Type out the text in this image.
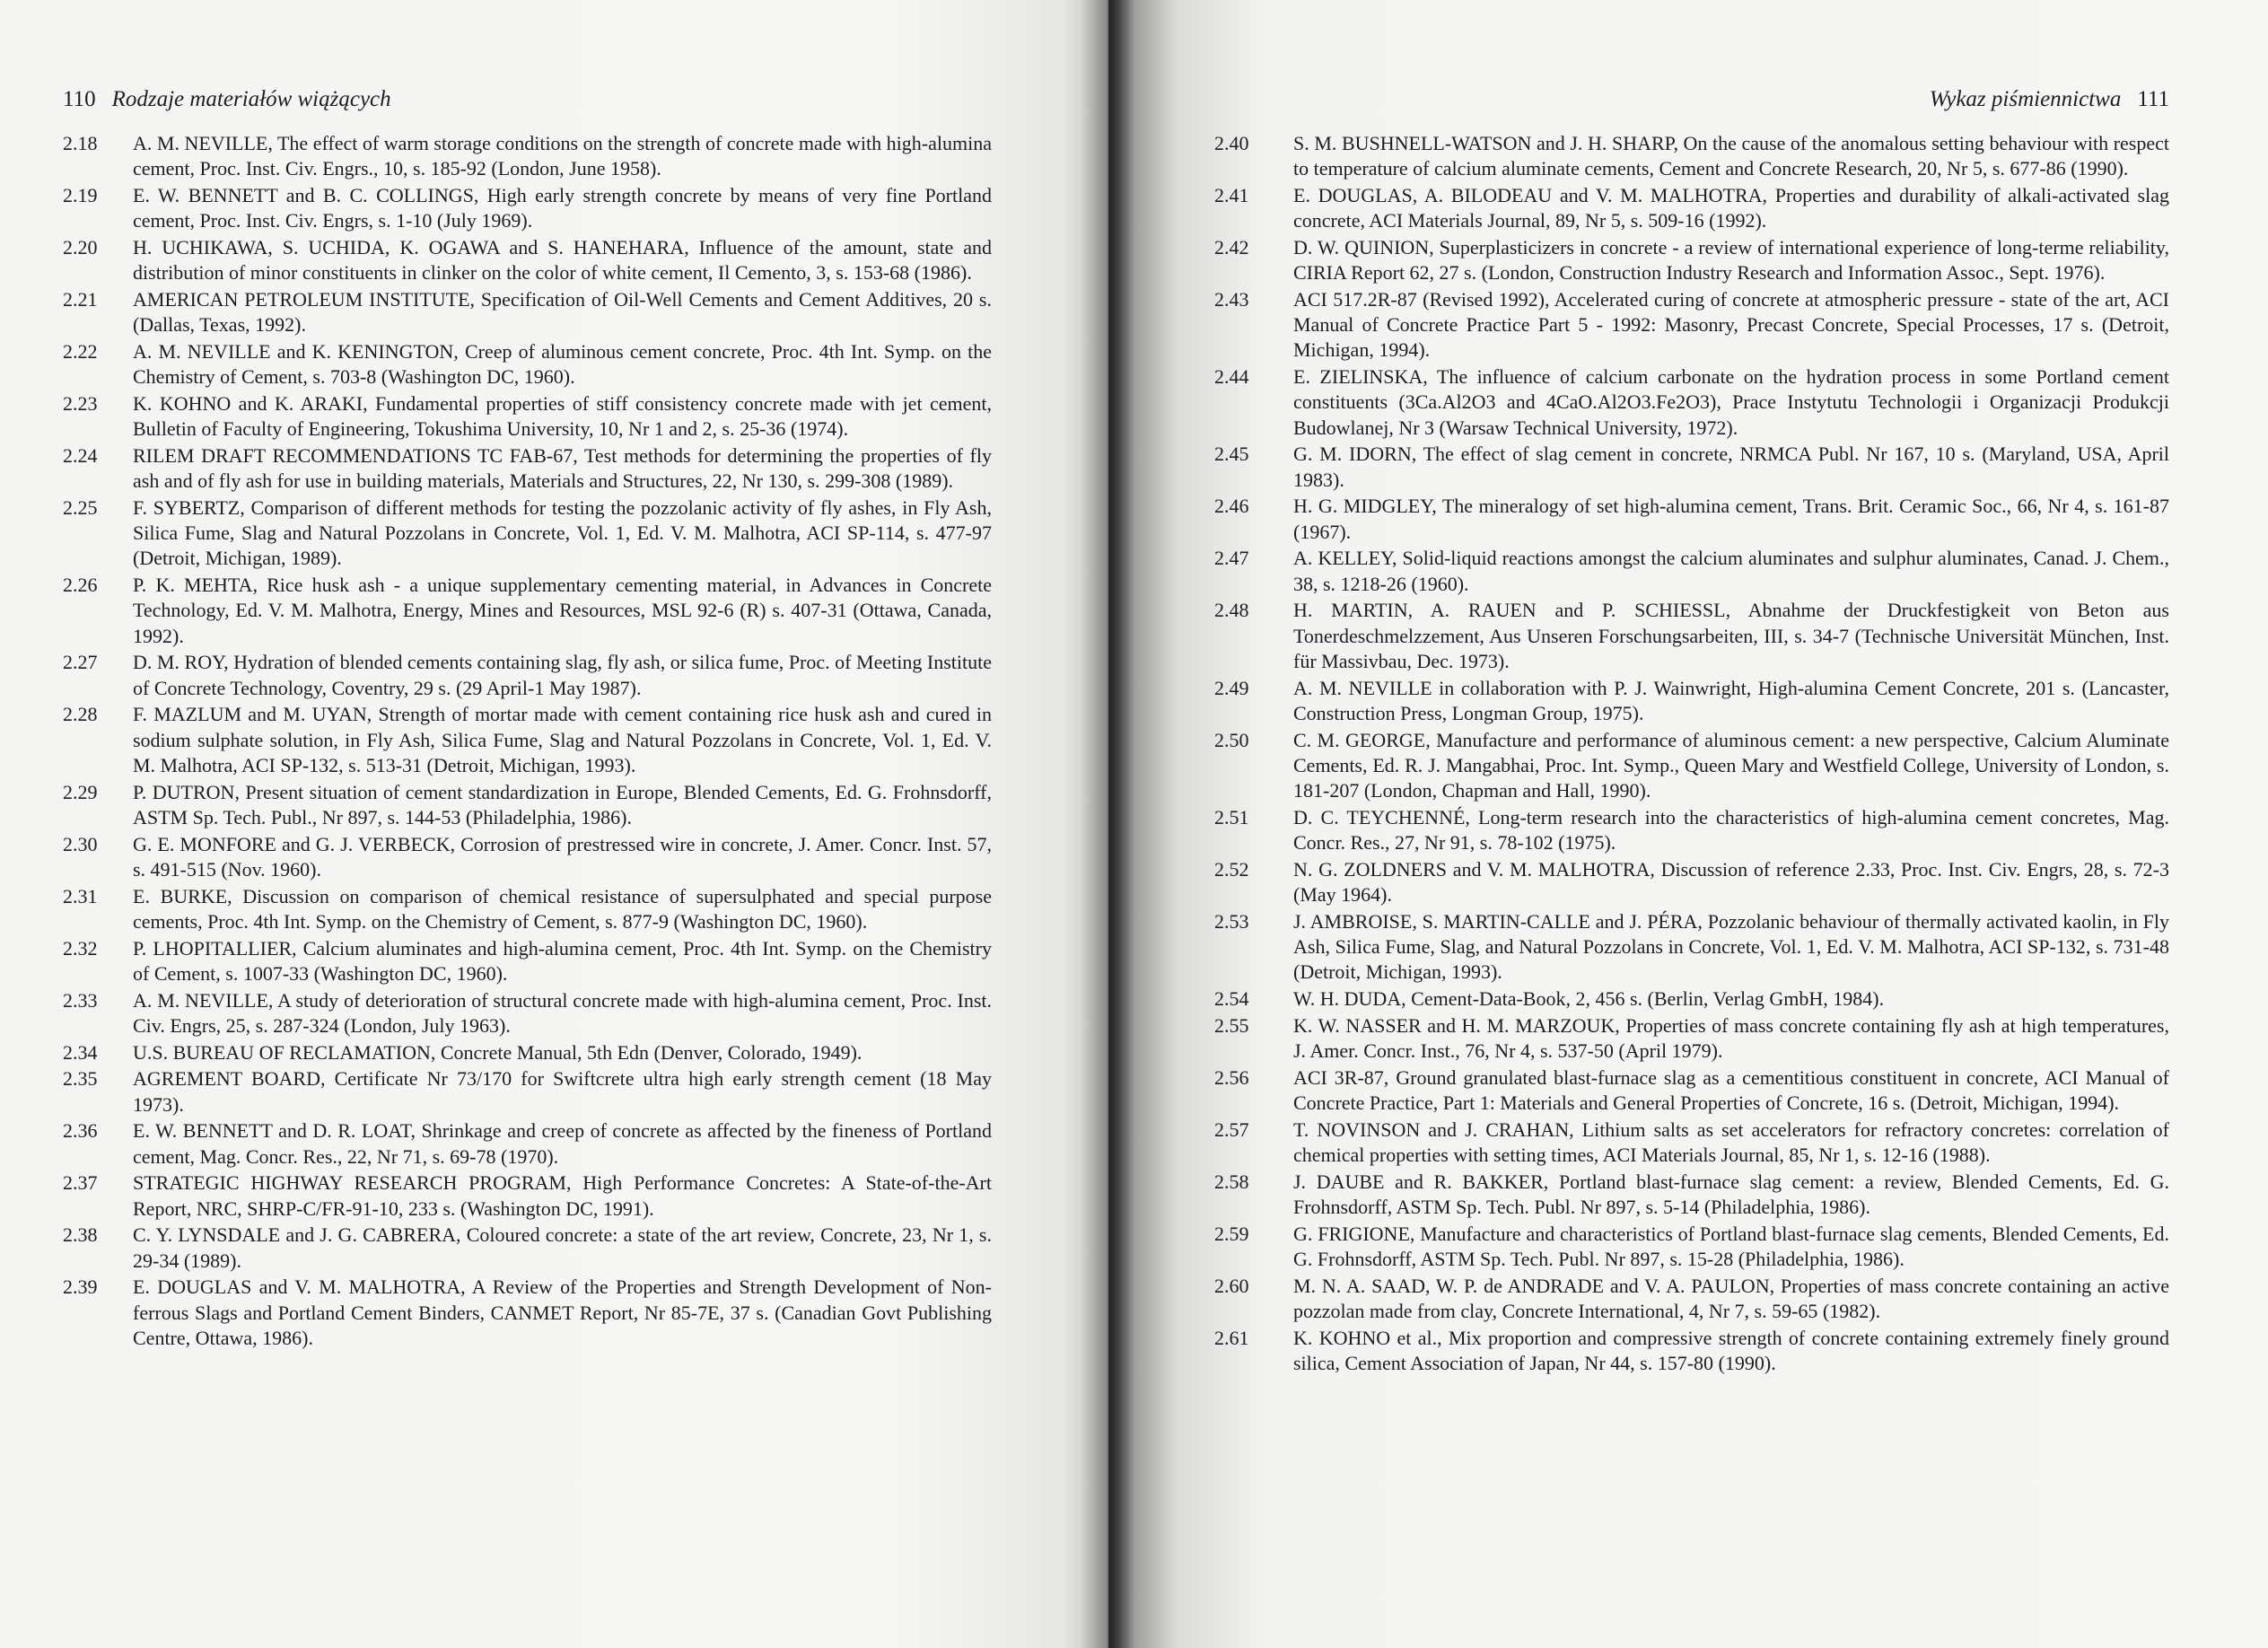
110 Rodzaje materiałów wiążących
2.18	A. M. NEVILLE, The effect of warm storage conditions on the strength of concrete made with high-alumina cement, Proc. Inst. Civ. Engrs., 10, s. 185-92 (London, June 1958).
2.19	E. W. BENNETT and B. C. COLLINGS, High early strength concrete by means of very fine Portland cement, Proc. Inst. Civ. Engrs, s. 1-10 (July 1969).
2.20	H. UCHIKAWA, S. UCHIDA, K. OGAWA and S. HANEHARA, Influence of the amount, state and distribution of minor constituents in clinker on the color of white cement, Il Cemento, 3, s. 153-68 (1986).
2.21	AMERICAN PETROLEUM INSTITUTE, Specification of Oil-Well Cements and Cement Additives, 20 s. (Dallas, Texas, 1992).
2.22	A. M. NEVILLE and K. KENINGTON, Creep of aluminous cement concrete, Proc. 4th Int. Symp. on the Chemistry of Cement, s. 703-8 (Washington DC, 1960).
2.23	K. KOHNO and K. ARAKI, Fundamental properties of stiff consistency concrete made with jet cement, Bulletin of Faculty of Engineering, Tokushima University, 10, Nr 1 and 2, s. 25-36 (1974).
2.24	RILEM DRAFT RECOMMENDATIONS TC FAB-67, Test methods for determining the properties of fly ash and of fly ash for use in building materials, Materials and Structures, 22, Nr 130, s. 299-308 (1989).
2.25	F. SYBERTZ, Comparison of different methods for testing the pozzolanic activity of fly ashes, in Fly Ash, Silica Fume, Slag and Natural Pozzolans in Concrete, Vol. 1, Ed. V. M. Malhotra, ACI SP-114, s. 477-97 (Detroit, Michigan, 1989).
2.26	P. K. MEHTA, Rice husk ash - a unique supplementary cementing material, in Advances in Concrete Technology, Ed. V. M. Malhotra, Energy, Mines and Resources, MSL 92-6 (R) s. 407-31 (Ottawa, Canada, 1992).
2.27	D. M. ROY, Hydration of blended cements containing slag, fly ash, or silica fume, Proc. of Meeting Institute of Concrete Technology, Coventry, 29 s. (29 April-1 May 1987).
2.28	F. MAZLUM and M. UYAN, Strength of mortar made with cement containing rice husk ash and cured in sodium sulphate solution, in Fly Ash, Silica Fume, Slag and Natural Pozzolans in Concrete, Vol. 1, Ed. V. M. Malhotra, ACI SP-132, s. 513-31 (Detroit, Michigan, 1993).
2.29	P. DUTRON, Present situation of cement standardization in Europe, Blended Cements, Ed. G. Frohnsdorff, ASTM Sp. Tech. Publ., Nr 897, s. 144-53 (Philadelphia, 1986).
2.30	G. E. MONFORE and G. J. VERBECK, Corrosion of prestressed wire in concrete, J. Amer. Concr. Inst. 57, s. 491-515 (Nov. 1960).
2.31	E. BURKE, Discussion on comparison of chemical resistance of supersulphated and special purpose cements, Proc. 4th Int. Symp. on the Chemistry of Cement, s. 877-9 (Washington DC, 1960).
2.32	P. LHOPITALLIER, Calcium aluminates and high-alumina cement, Proc. 4th Int. Symp. on the Chemistry of Cement, s. 1007-33 (Washington DC, 1960).
2.33	A. M. NEVILLE, A study of deterioration of structural concrete made with high-alumina cement, Proc. Inst. Civ. Engrs, 25, s. 287-324 (London, July 1963).
2.34	U.S. BUREAU OF RECLAMATION, Concrete Manual, 5th Edn (Denver, Colorado, 1949).
2.35	AGREMENT BOARD, Certificate Nr 73/170 for Swiftcrete ultra high early strength cement (18 May 1973).
2.36	E. W. BENNETT and D. R. LOAT, Shrinkage and creep of concrete as affected by the fineness of Portland cement, Mag. Concr. Res., 22, Nr 71, s. 69-78 (1970).
2.37	STRATEGIC HIGHWAY RESEARCH PROGRAM, High Performance Concretes: A State-of-the-Art Report, NRC, SHRP-C/FR-91-10, 233 s. (Washington DC, 1991).
2.38	C. Y. LYNSDALE and J. G. CABRERA, Coloured concrete: a state of the art review, Concrete, 23, Nr 1, s. 29-34 (1989).
2.39	E. DOUGLAS and V. M. MALHOTRA, A Review of the Properties and Strength Development of Non-ferrous Slags and Portland Cement Binders, CANMET Report, Nr 85-7E, 37 s. (Canadian Govt Publishing Centre, Ottawa, 1986).
Wykaz piśmiennictwa 111
2.40	S. M. BUSHNELL-WATSON and J. H. SHARP, On the cause of the anomalous setting behaviour with respect to temperature of calcium aluminate cements, Cement and Concrete Research, 20, Nr 5, s. 677-86 (1990).
2.41	E. DOUGLAS, A. BILODEAU and V. M. MALHOTRA, Properties and durability of alkali-activated slag concrete, ACI Materials Journal, 89, Nr 5, s. 509-16 (1992).
2.42	D. W. QUINION, Superplasticizers in concrete - a review of international experience of long-terme reliability, CIRIA Report 62, 27 s. (London, Construction Industry Research and Information Assoc., Sept. 1976).
2.43	ACI 517.2R-87 (Revised 1992), Accelerated curing of concrete at atmospheric pressure - state of the art, ACI Manual of Concrete Practice Part 5 - 1992: Masonry, Precast Concrete, Special Processes, 17 s. (Detroit, Michigan, 1994).
2.44	E. ZIELINSKA, The influence of calcium carbonate on the hydration process in some Portland cement constituents (3Ca.Al2O3 and 4CaO.Al2O3.Fe2O3), Prace Instytutu Technologii i Organizacji Produkcji Budowlanej, Nr 3 (Warsaw Technical University, 1972).
2.45	G. M. IDORN, The effect of slag cement in concrete, NRMCA Publ. Nr 167, 10 s. (Maryland, USA, April 1983).
2.46	H. G. MIDGLEY, The mineralogy of set high-alumina cement, Trans. Brit. Ceramic Soc., 66, Nr 4, s. 161-87 (1967).
2.47	A. KELLEY, Solid-liquid reactions amongst the calcium aluminates and sulphur aluminates, Canad. J. Chem., 38, s. 1218-26 (1960).
2.48	H. MARTIN, A. RAUEN and P. SCHIESSL, Abnahme der Druckfestigkeit von Beton aus Tonerdeschmelzzement, Aus Unseren Forschungsarbeiten, III, s. 34-7 (Technische Universität München, Inst. für Massivbau, Dec. 1973).
2.49	A. M. NEVILLE in collaboration with P. J. Wainwright, High-alumina Cement Concrete, 201 s. (Lancaster, Construction Press, Longman Group, 1975).
2.50	C. M. GEORGE, Manufacture and performance of aluminous cement: a new perspective, Calcium Aluminate Cements, Ed. R. J. Mangabhai, Proc. Int. Symp., Queen Mary and Westfield College, University of London, s. 181-207 (London, Chapman and Hall, 1990).
2.51	D. C. TEYCHENNÉ, Long-term research into the characteristics of high-alumina cement concretes, Mag. Concr. Res., 27, Nr 91, s. 78-102 (1975).
2.52	N. G. ZOLDNERS and V. M. MALHOTRA, Discussion of reference 2.33, Proc. Inst. Civ. Engrs, 28, s. 72-3 (May 1964).
2.53	J. AMBROISE, S. MARTIN-CALLE and J. PÉRA, Pozzolanic behaviour of thermally activated kaolin, in Fly Ash, Silica Fume, Slag, and Natural Pozzolans in Concrete, Vol. 1, Ed. V. M. Malhotra, ACI SP-132, s. 731-48 (Detroit, Michigan, 1993).
2.54	W. H. DUDA, Cement-Data-Book, 2, 456 s. (Berlin, Verlag GmbH, 1984).
2.55	K. W. NASSER and H. M. MARZOUK, Properties of mass concrete containing fly ash at high temperatures, J. Amer. Concr. Inst., 76, Nr 4, s. 537-50 (April 1979).
2.56	ACI 3R-87, Ground granulated blast-furnace slag as a cementitious constituent in concrete, ACI Manual of Concrete Practice, Part 1: Materials and General Properties of Concrete, 16 s. (Detroit, Michigan, 1994).
2.57	T. NOVINSON and J. CRAHAN, Lithium salts as set accelerators for refractory concretes: correlation of chemical properties with setting times, ACI Materials Journal, 85, Nr 1, s. 12-16 (1988).
2.58	J. DAUBE and R. BAKKER, Portland blast-furnace slag cement: a review, Blended Cements, Ed. G. Frohnsdorff, ASTM Sp. Tech. Publ. Nr 897, s. 5-14 (Philadelphia, 1986).
2.59	G. FRIGIONE, Manufacture and characteristics of Portland blast-furnace slag cements, Blended Cements, Ed. G. Frohnsdorff, ASTM Sp. Tech. Publ. Nr 897, s. 15-28 (Philadelphia, 1986).
2.60	M. N. A. SAAD, W. P. de ANDRADE and V. A. PAULON, Properties of mass concrete containing an active pozzolan made from clay, Concrete International, 4, Nr 7, s. 59-65 (1982).
2.61	K. KOHNO et al., Mix proportion and compressive strength of concrete containing extremely finely ground silica, Cement Association of Japan, Nr 44, s. 157-80 (1990).
